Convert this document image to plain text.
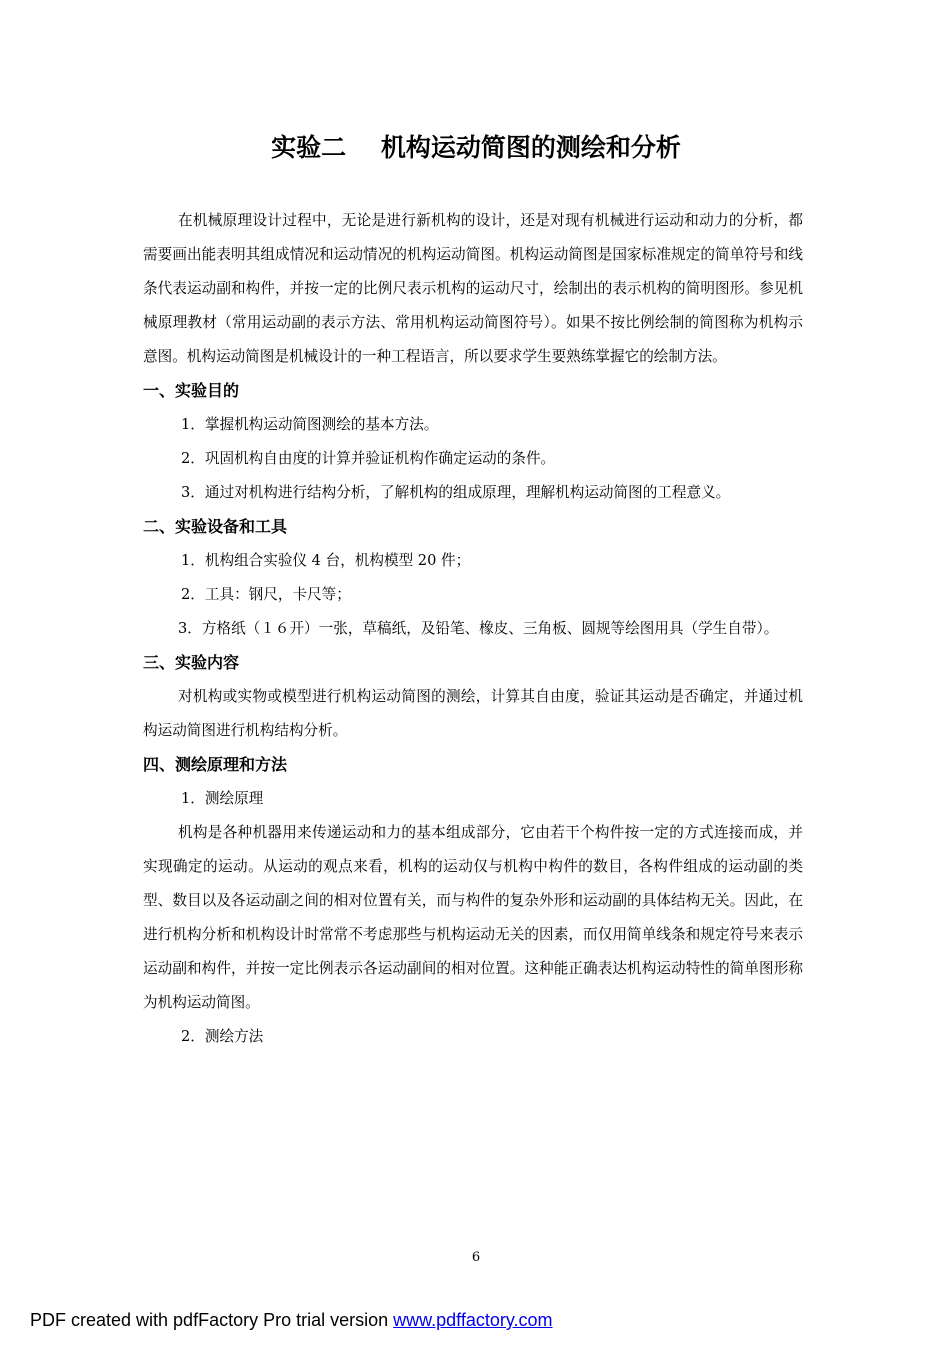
实验二    机构运动简图的测绘和分析

在机械原理设计过程中，无论是进行新机构的设计，还是对现有机械进行运动和动力的分析，都需要画出能表明其组成情况和运动情况的机构运动简图。机构运动简图是国家标准规定的简单符号和线条代表运动副和构件，并按一定的比例尺表示机构的运动尺寸，绘制出的表示机构的简明图形。参见机械原理教材（常用运动副的表示方法、常用机构运动简图符号）。如果不按比例绘制的简图称为机构示意图。机构运动简图是机械设计的一种工程语言，所以要求学生要熟练掌握它的绘制方法。

一、实验目的

1．掌握机构运动简图测绘的基本方法。

2．巩固机构自由度的计算并验证机构作确定运动的条件。

3．通过对机构进行结构分析，了解机构的组成原理，理解机构运动简图的工程意义。

二、实验设备和工具

1．机构组合实验仪 4 台，机构模型 20 件；

2．工具：钢尺，卡尺等；

3．方格纸（１６开）一张，草稿纸，及铅笔、橡皮、三角板、圆规等绘图用具（学生自带）。

三、实验内容

对机构或实物或模型进行机构运动简图的测绘，计算其自由度，验证其运动是否确定，并通过机构运动简图进行机构结构分析。

四、测绘原理和方法

1．测绘原理

机构是各种机器用来传递运动和力的基本组成部分，它由若干个构件按一定的方式连接而成，并实现确定的运动。从运动的观点来看，机构的运动仅与机构中构件的数目，各构件组成的运动副的类型、数目以及各运动副之间的相对位置有关，而与构件的复杂外形和运动副的具体结构无关。因此，在进行机构分析和机构设计时常常不考虑那些与机构运动无关的因素，而仅用简单线条和规定符号来表示运动副和构件，并按一定比例表示各运动副间的相对位置。这种能正确表达机构运动特性的简单图形称为机构运动简图。

2．测绘方法

6
PDF created with pdfFactory Pro trial version www.pdffactory.com
